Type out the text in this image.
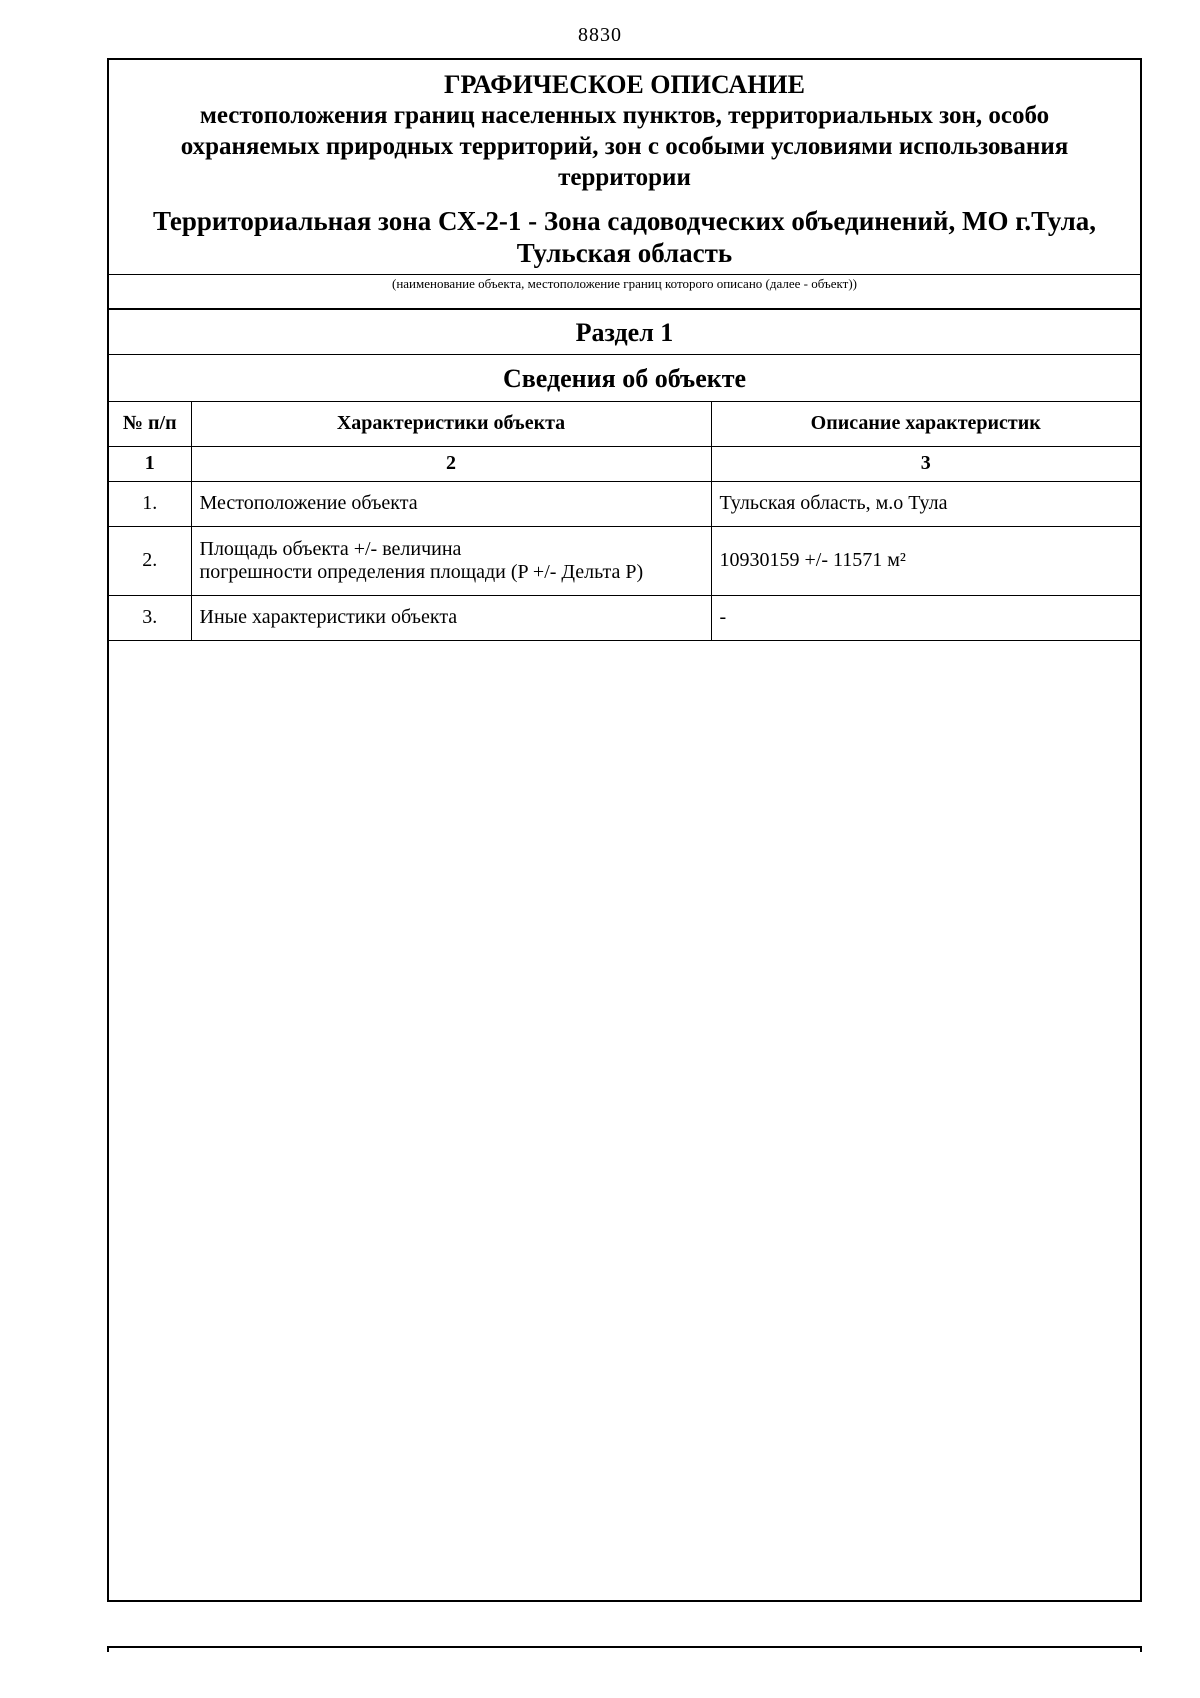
8830
ГРАФИЧЕСКОЕ ОПИСАНИЕ
местоположения границ населенных пунктов, территориальных зон, особо
охраняемых природных территорий, зон с особыми условиями использования
территории
Территориальная зона СХ-2-1 - Зона садоводческих объединений, МО г.Тула,
Тульская область
(наименование объекта, местоположение границ которого описано (далее - объект))
Раздел 1
Сведения об объекте
№ п/п	Характеристики объекта	Описание характеристик
1	2	3
1.	Местоположение объекта	Тульская область, м.о Тула
2.	Площадь объекта +/- величина
погрешности определения площади (P +/- Дельта P)	10930159 +/- 11571 м²
3.	Иные характеристики объекта	-
